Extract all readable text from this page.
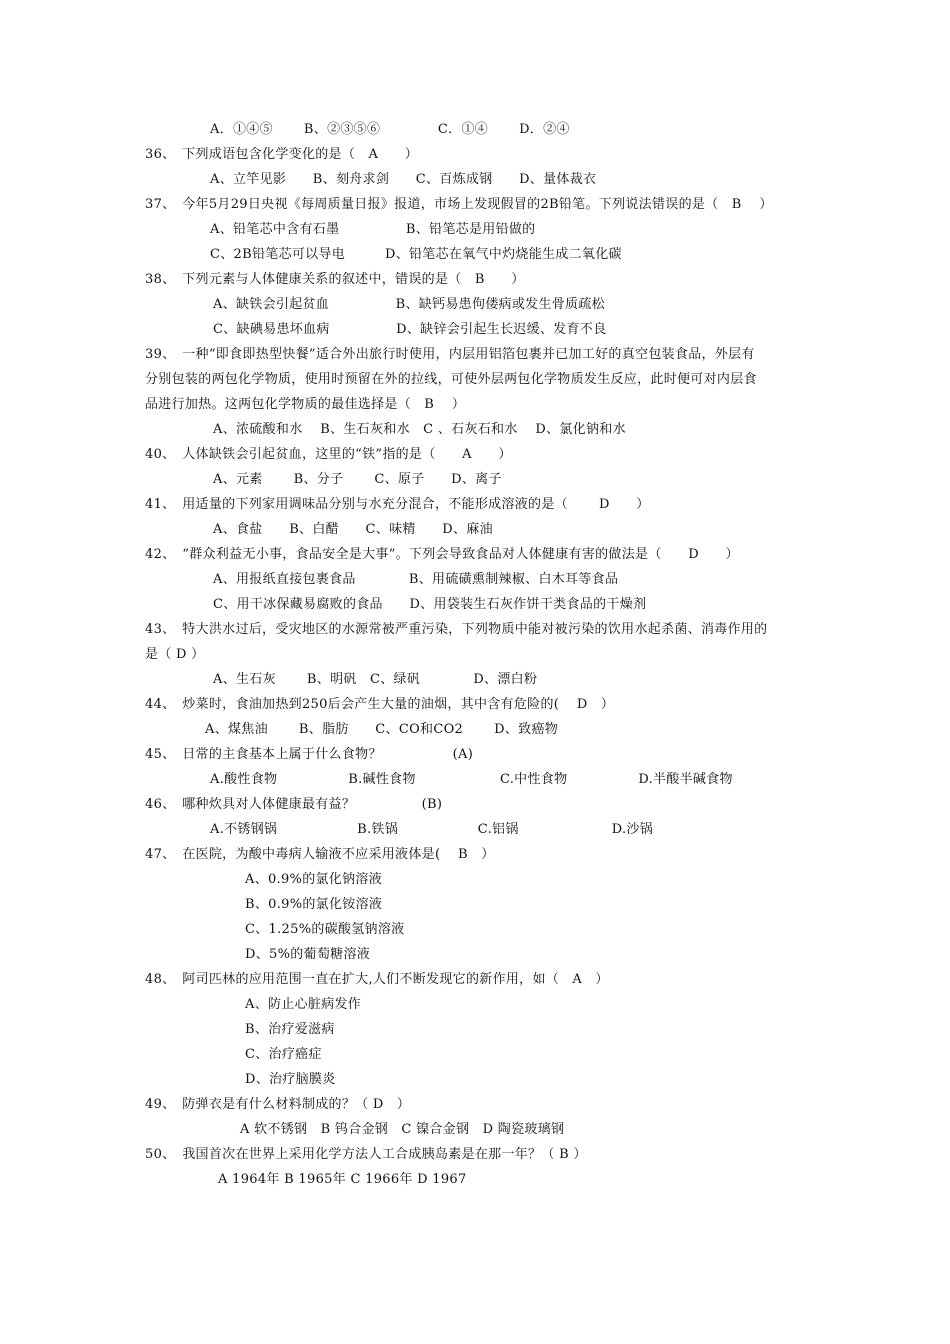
A．①④⑤　　 B、②③⑤⑥　　　　 C．①④　　 D．②④
36、　下列成语包含化学变化的是（　A　　）
A、立竿见影　　B、刻舟求剑　　C、百炼成钢　　D、量体裁衣
37、　今年5月29日央视《每周质量日报》报道，市场上发现假冒的2B铅笔。下列说法错误的是（　B　 ）
A、铅笔芯中含有石墨　　　　　B、铅笔芯是用铅做的
C、2B铅笔芯可以导电　　　D、铅笔芯在氧气中灼烧能生成二氧化碳
38、　下列元素与人体健康关系的叙述中，错误的是（　B　　）
A、缺铁会引起贫血　　　　　B、缺钙易患佝偻病或发生骨质疏松
C、缺碘易患坏血病　　　　　D、缺锌会引起生长迟缓、发育不良
39、　一种“即食即热型快餐”适合外出旅行时使用，内层用铝箔包裹并已加工好的真空包装食品，外层有
分别包装的两包化学物质，使用时预留在外的拉线，可使外层两包化学物质发生反应，此时便可对内层食
品进行加热。这两包化学物质的最佳选择是（　B　 ）
A、浓硫酸和水　 B、生石灰和水　C 、石灰石和水　 D、氯化钠和水
40、　人体缺铁会引起贫血，这里的“铁”指的是（　　A　　）
A、元素　　 B、分子　　 C、原子　　D、离子
41、　用适量的下列家用调味品分别与水充分混合，不能形成溶液的是（　　 D　　）
A、食盐　　B、白醋　　C、味精　　D、麻油
42、　“群众利益无小事，食品安全是大事”。下列会导致食品对人体健康有害的做法是（　　D　　）
A、用报纸直接包裹食品　　　　B、用硫磺熏制辣椒、白木耳等食品
C、用干冰保藏易腐败的食品　　D、用袋装生石灰作饼干类食品的干燥剂
43、　特大洪水过后，受灾地区的水源常被严重污染，下列物质中能对被污染的饮用水起杀菌、消毒作用的
是（ D ）
A、生石灰　　 B、明矾　C、绿矾　　　　D、漂白粉
44、　炒菜时，食油加热到250后会产生大量的油烟，其中含有危险的(　 D　）
A、煤焦油　　 B、脂肪　　C、CO和CO2　　 D、致癌物
45、　日常的主食基本上属于什么食物？　　　　　 (A)
A.酸性食物　　　　　 B.碱性食物　　　　　　 C.中性食物　　　　　 D.半酸半碱食物
46、　哪种炊具对人体健康最有益？　　　　　(B)
A.不锈钢锅　　　　　　B.铁锅　　　　　　C.铝锅　　　　　　　D.沙锅
47、　在医院，为酸中毒病人输液不应采用液体是(　 B　）
A、0.9%的氯化钠溶液
B、0.9%的氯化铵溶液
C、1.25%的碳酸氢钠溶液
D、5%的葡萄糖溶液
48、　阿司匹林的应用范围一直在扩大,人们不断发现它的新作用，如（　A　）
A、防止心脏病发作
B、治疗爱滋病
C、治疗癌症
D、治疗脑膜炎
49、　防弹衣是有什么材料制成的？（ D　）
A 软不锈钢　B 钨合金钢　C 镍合金钢　D 陶瓷玻璃钢
50、　我国首次在世界上采用化学方法人工合成胰岛素是在那一年？（ B ）
A 1964年 B 1965年 C 1966年 D 1967
